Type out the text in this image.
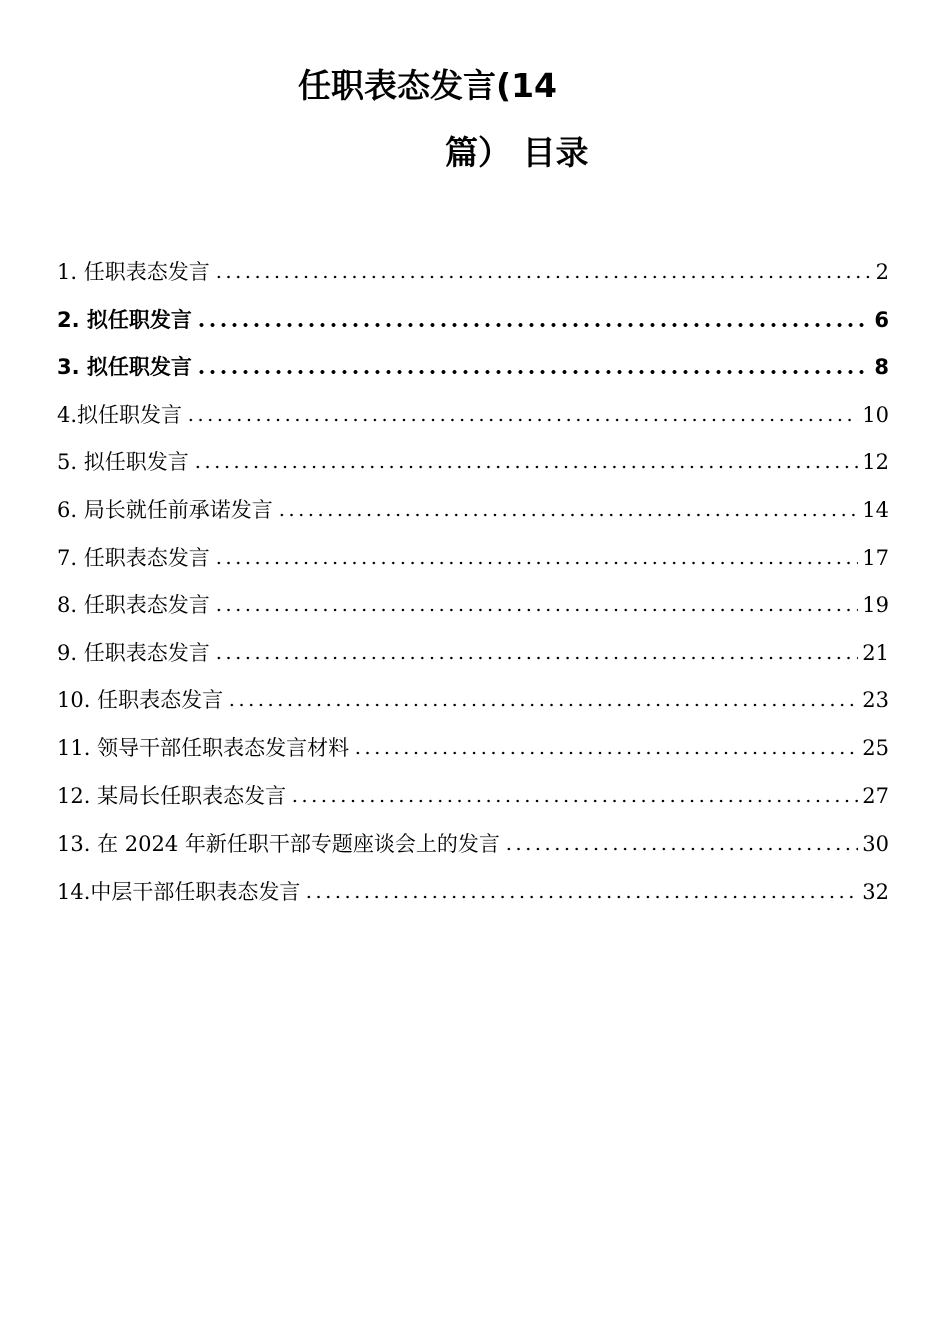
任职表态发言(14
篇） 目录
1. 任职表态发言	2
2. 拟任职发言	6
3. 拟任职发言	8
4.拟任职发言	10
5. 拟任职发言	12
6. 局长就任前承诺发言	14
7. 任职表态发言	17
8. 任职表态发言	19
9. 任职表态发言	21
10. 任职表态发言	23
11. 领导干部任职表态发言材料	25
12. 某局长任职表态发言	27
13. 在 2024 年新任职干部专题座谈会上的发言	30
14.中层干部任职表态发言	32
